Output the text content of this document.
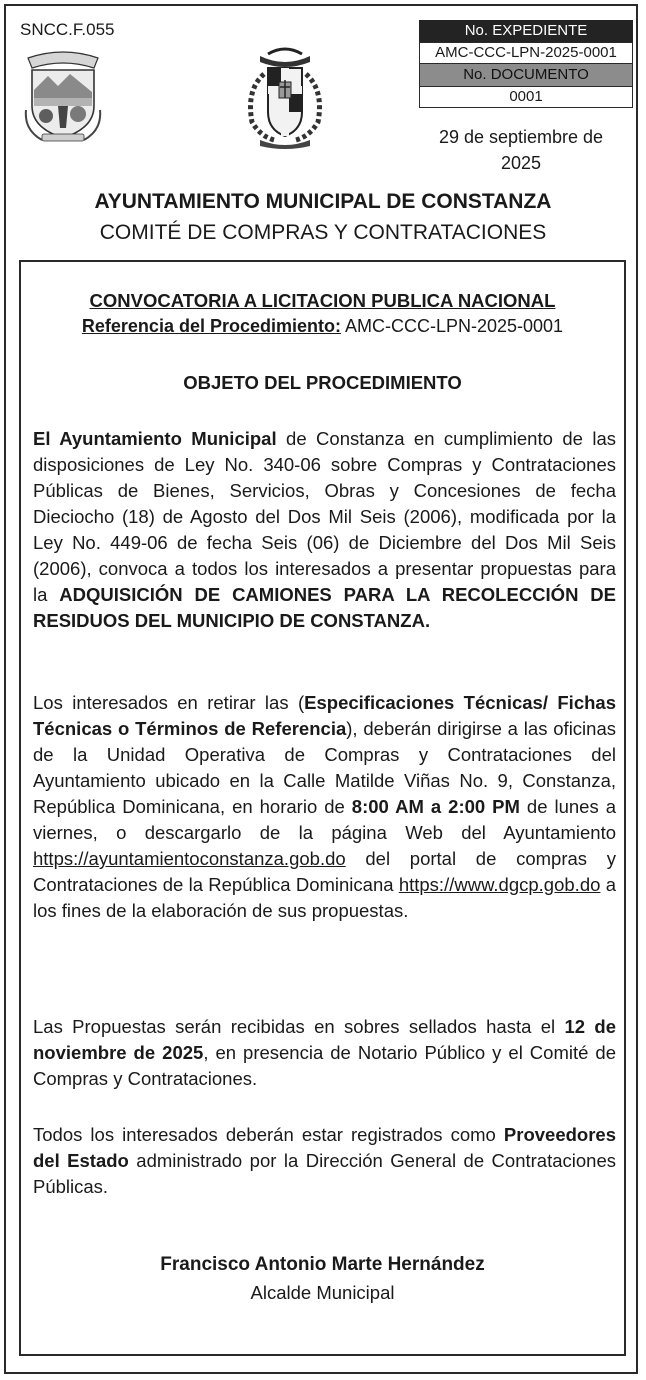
SNCC.F.055	No. EXPEDIENTE
AMC-CCC-LPN-2025-0001
No. DOCUMENTO
0001
29 de septiembre de
2025
AYUNTAMIENTO MUNICIPAL DE CONSTANZA
COMITÉ DE COMPRAS Y CONTRATACIONES
CONVOCATORIA A LICITACION PUBLICA NACIONAL
Referencia del Procedimiento: AMC-CCC-LPN-2025-0001
OBJETO DEL PROCEDIMIENTO
El Ayuntamiento Municipal de Constanza en cumplimiento de las disposiciones de Ley No. 340-06 sobre Compras y Contrataciones Públicas de Bienes, Servicios, Obras y Concesiones de fecha Dieciocho (18) de Agosto del Dos Mil Seis (2006), modificada por la Ley No. 449-06 de fecha Seis (06) de Diciembre del Dos Mil Seis (2006), convoca a todos los interesados a presentar propuestas para la ADQUISICIÓN DE CAMIONES PARA LA RECOLECCIÓN DE RESIDUOS DEL MUNICIPIO DE CONSTANZA.
Los interesados en retirar las (Especificaciones Técnicas/ Fichas Técnicas o Términos de Referencia), deberán dirigirse a las oficinas de la Unidad Operativa de Compras y Contrataciones del Ayuntamiento ubicado en la Calle Matilde Viñas No. 9, Constanza, República Dominicana, en horario de 8:00 AM a 2:00 PM de lunes a viernes, o descargarlo de la página Web del Ayuntamiento https://ayuntamientoconstanza.gob.do del portal de compras y Contrataciones de la República Dominicana https://www.dgcp.gob.do a los fines de la elaboración de sus propuestas.
Las Propuestas serán recibidas en sobres sellados hasta el 12 de noviembre de 2025, en presencia de Notario Público y el Comité de Compras y Contrataciones.
Todos los interesados deberán estar registrados como Proveedores del Estado administrado por la Dirección General de Contrataciones Públicas.
Francisco Antonio Marte Hernández
Alcalde Municipal
